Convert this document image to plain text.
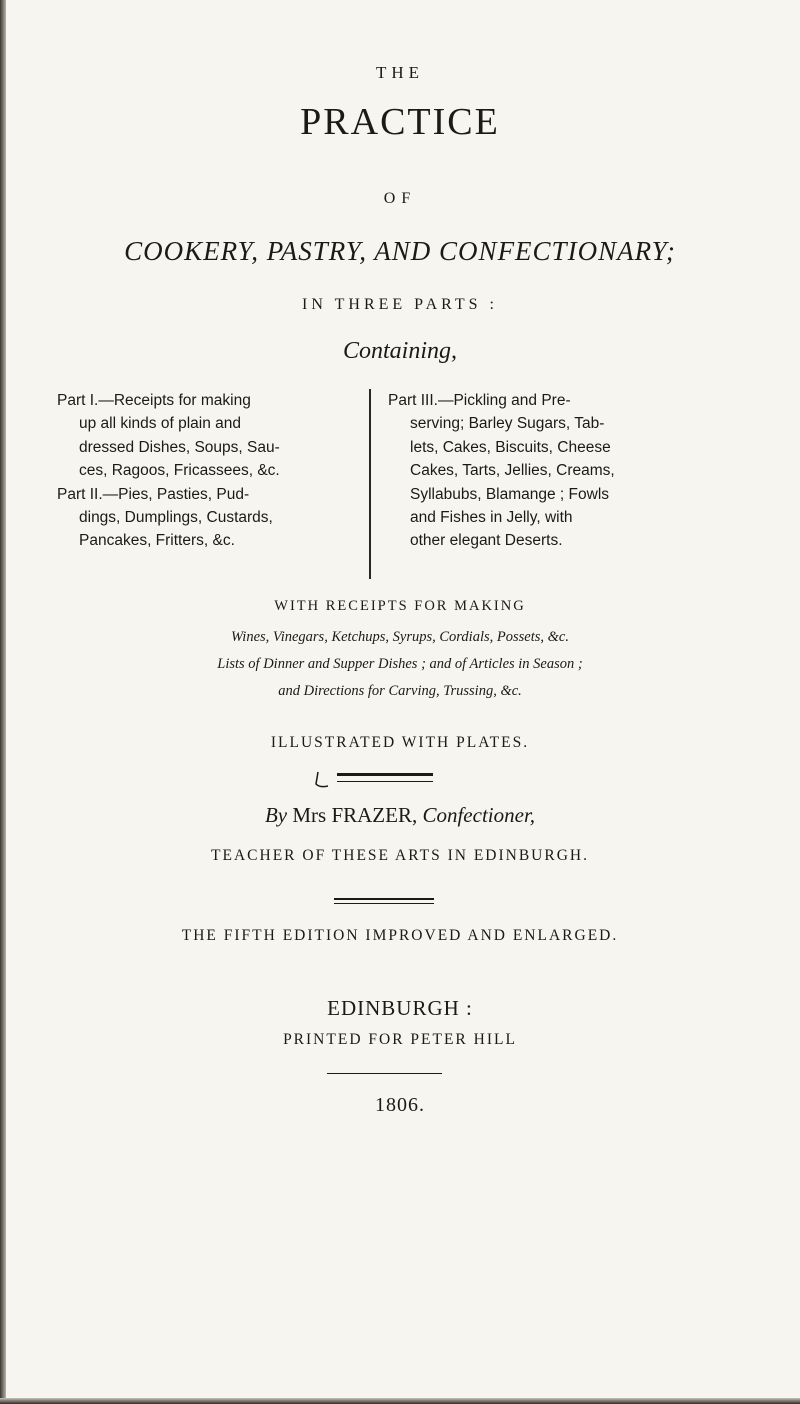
THE
PRACTICE
OF
COOKERY, PASTRY, AND CONFECTIONARY;
IN THREE PARTS :
Containing,
Part I.—Receipts for making
up all kinds of plain and
dressed Dishes, Soups, Sau-
ces, Ragoos, Fricassees, &c.
Part II.—Pies, Pasties, Pud-
dings, Dumplings, Custards,
Pancakes, Fritters, &c.
Part III.—Pickling and Pre-
serving; Barley Sugars, Tab-
lets, Cakes, Biscuits, Cheese
Cakes, Tarts, Jellies, Creams,
Syllabubs, Blamange ; Fowls
and Fishes in Jelly, with
other elegant Deserts.
WITH RECEIPTS FOR MAKING
Wines, Vinegars, Ketchups, Syrups, Cordials, Possets, &c.
Lists of Dinner and Supper Dishes ; and of Articles in Season ;
and Directions for Carving, Trussing, &c.
ILLUSTRATED WITH PLATES.
By Mrs FRAZER, Confectioner,
TEACHER OF THESE ARTS IN EDINBURGH.
THE FIFTH EDITION IMPROVED AND ENLARGED.
EDINBURGH :
PRINTED FOR PETER HILL
1806.
